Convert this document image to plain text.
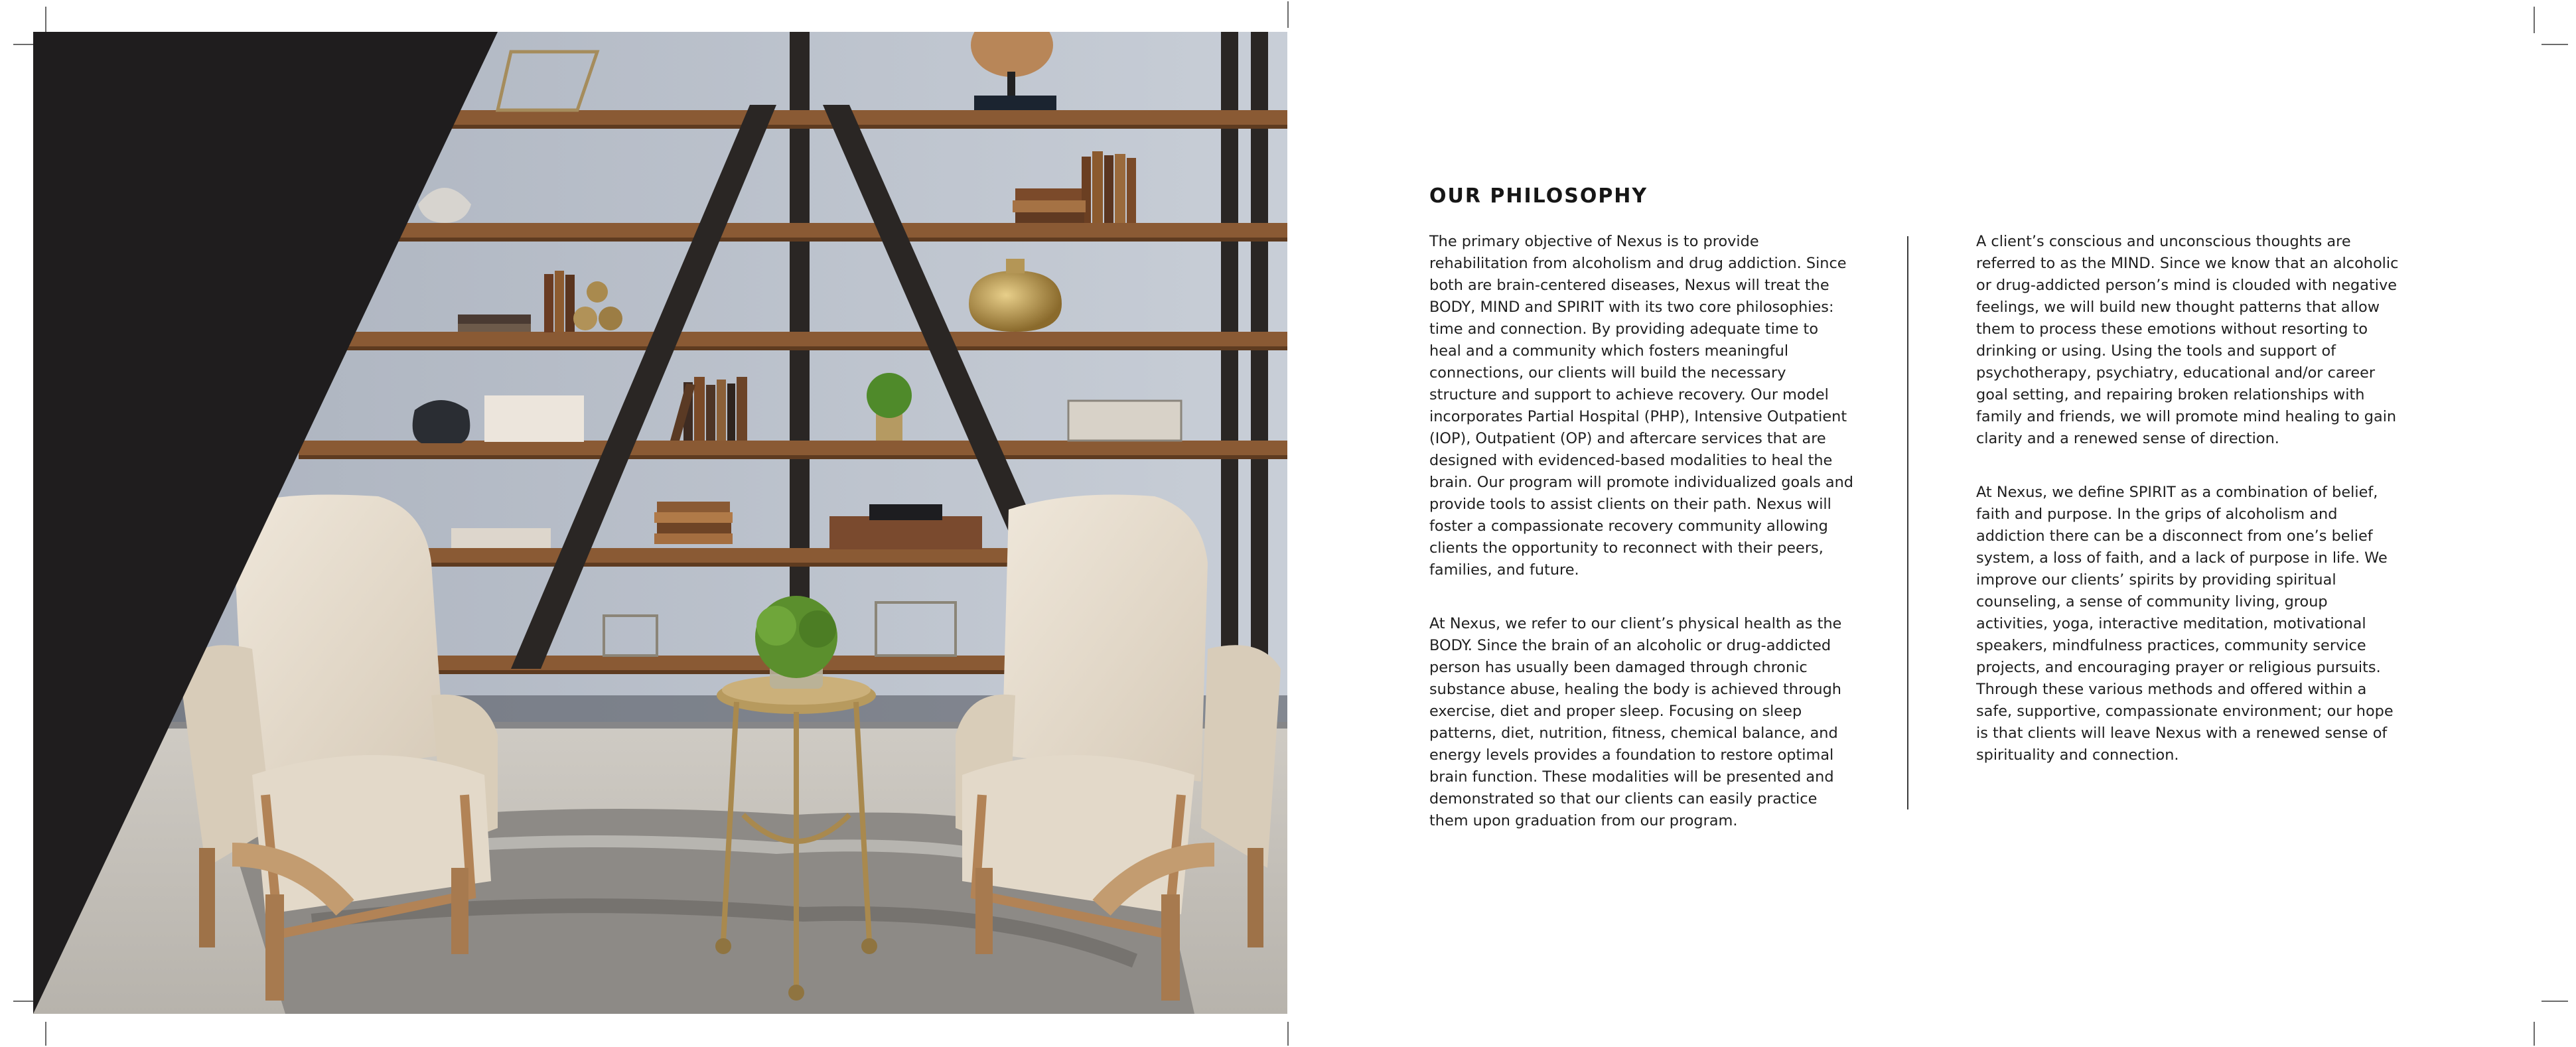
OUR PHILOSOPHY

The primary objective of Nexus is to provide rehabilitation from alcoholism and drug addiction. Since both are brain-centered diseases, Nexus will treat the BODY, MIND and SPIRIT with its two core philosophies: time and connection. By providing adequate time to heal and a community which fosters meaningful connections, our clients will build the necessary structure and support to achieve recovery. Our model incorporates Partial Hospital (PHP), Intensive Outpatient (IOP), Outpatient (OP) and aftercare services that are designed with evidenced-based modalities to heal the brain. Our program will promote individualized goals and provide tools to assist clients on their path. Nexus will foster a compassionate recovery community allowing clients the opportunity to reconnect with their peers, families, and future.

At Nexus, we refer to our client’s physical health as the BODY. Since the brain of an alcoholic or drug-addicted person has usually been damaged through chronic substance abuse, healing the body is achieved through exercise, diet and proper sleep. Focusing on sleep patterns, diet, nutrition, fitness, chemical balance, and energy levels provides a foundation to restore optimal brain function. These modalities will be presented and demonstrated so that our clients can easily practice them upon graduation from our program.

A client’s conscious and unconscious thoughts are referred to as the MIND. Since we know that an alcoholic or drug-addicted person’s mind is clouded with negative feelings, we will build new thought patterns that allow them to process these emotions without resorting to drinking or using. Using the tools and support of psychotherapy, psychiatry, educational and/or career goal setting, and repairing broken relationships with family and friends, we will promote mind healing to gain clarity and a renewed sense of direction.

At Nexus, we define SPIRIT as a combination of belief, faith and purpose. In the grips of alcoholism and addiction there can be a disconnect from one’s belief system, a loss of faith, and a lack of purpose in life. We improve our clients’ spirits by providing spiritual counseling, a sense of community living, group activities, yoga, interactive meditation, motivational speakers, mindfulness practices, community service projects, and encouraging prayer or religious pursuits. Through these various methods and offered within a safe, supportive, compassionate environment; our hope is that clients will leave Nexus with a renewed sense of spirituality and connection.
